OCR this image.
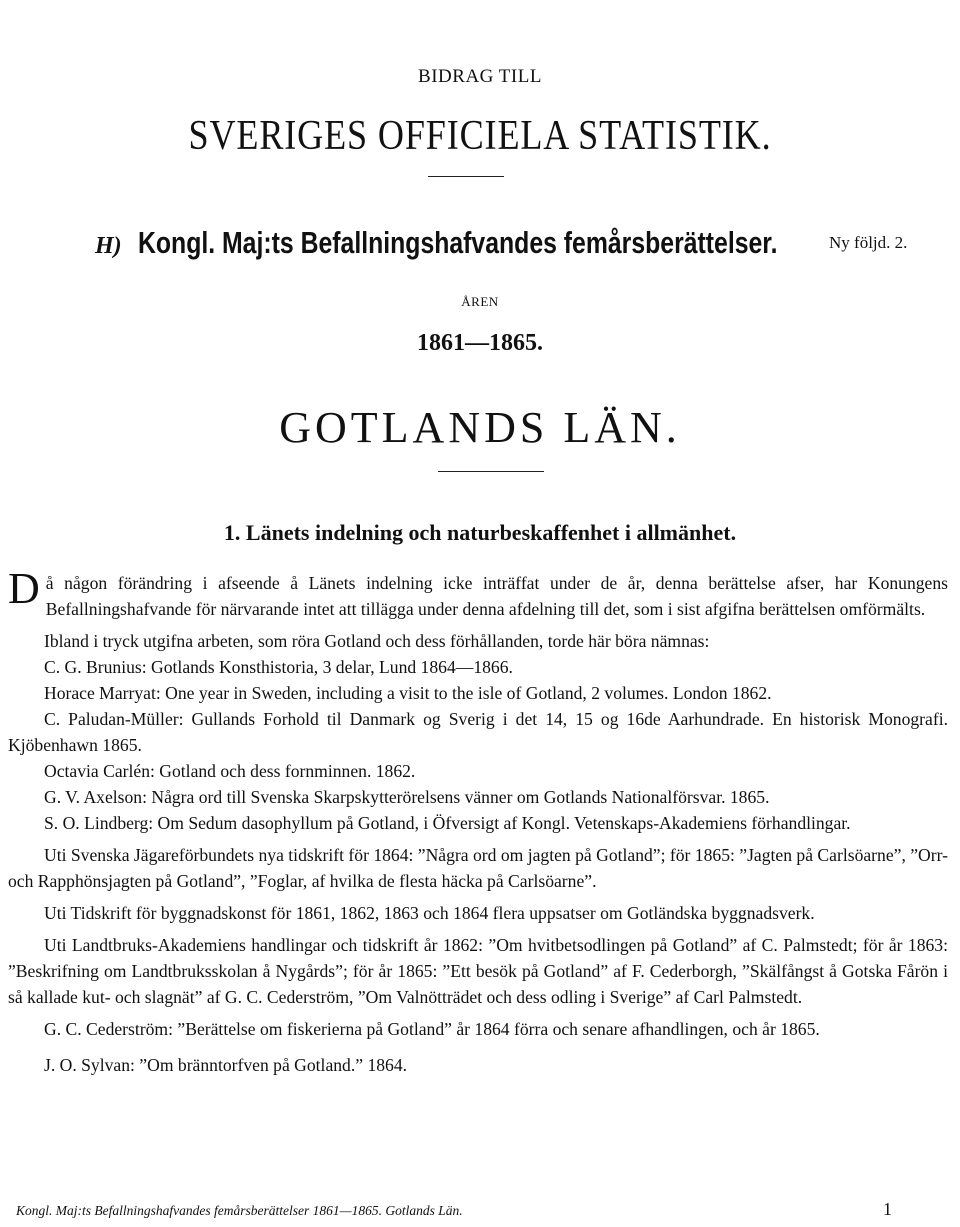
BIDRAG TILL
SVERIGES OFFICIELA STATISTIK.
H) Kongl. Maj:ts Befallningshafvandes femårsberättelser.	Ny följd. 2.
ÅREN
1861—1865.
GOTLANDS LÄN.
1. Länets indelning och naturbeskaffenhet i allmänhet.

Då någon förändring i afseende å Länets indelning icke inträffat under de år, denna berättelse afser, har Konungens Befallningshafvande för närvarande intet att tillägga under denna afdelning till det, som i sist afgifna berättelsen omförmälts.

Ibland i tryck utgifna arbeten, som röra Gotland och dess förhållanden, torde här böra nämnas:

C. G. Brunius: Gotlands Konsthistoria, 3 delar, Lund 1864—1866.

Horace Marryat: One year in Sweden, including a visit to the isle of Gotland, 2 volumes. London 1862.

C. Paludan-Müller: Gullands Forhold til Danmark og Sverig i det 14, 15 og 16de Aarhundrade. En historisk Monografi. Kjöbenhawn 1865.

Octavia Carlén: Gotland och dess fornminnen. 1862.

G. V. Axelson: Några ord till Svenska Skarpskytterörelsens vänner om Gotlands Nationalförsvar. 1865.

S. O. Lindberg: Om Sedum dasophyllum på Gotland, i Öfversigt af Kongl. Vetenskaps-Akademiens förhandlingar.

Uti Svenska Jägareförbundets nya tidskrift för 1864: ”Några ord om jagten på Gotland”; för 1865: ”Jagten på Carlsöarne”, ”Orr- och Rapphönsjagten på Gotland”, ”Foglar, af hvilka de flesta häcka på Carlsöarne”.

Uti Tidskrift för byggnadskonst för 1861, 1862, 1863 och 1864 flera uppsatser om Gotländska byggnadsverk.

Uti Landtbruks-Akademiens handlingar och tidskrift år 1862: ”Om hvitbetsodlingen på Gotland” af C. Palmstedt; för år 1863: ”Beskrifning om Landtbruksskolan å Nygårds”; för år 1865: ”Ett besök på Gotland” af F. Cederborgh, ”Skälfångst å Gotska Fårön i så kallade kut- och slagnät” af G. C. Cederström, ”Om Valnötträdet och dess odling i Sverige” af Carl Palmstedt.

G. C. Cederström: ”Berättelse om fiskerierna på Gotland” år 1864 förra och senare afhandlingen, och år 1865.

J. O. Sylvan: ”Om bränntorfven på Gotland.” 1864.

Kongl. Maj:ts Befallningshafvandes femårsberättelser 1861—1865. Gotlands Län.	1
